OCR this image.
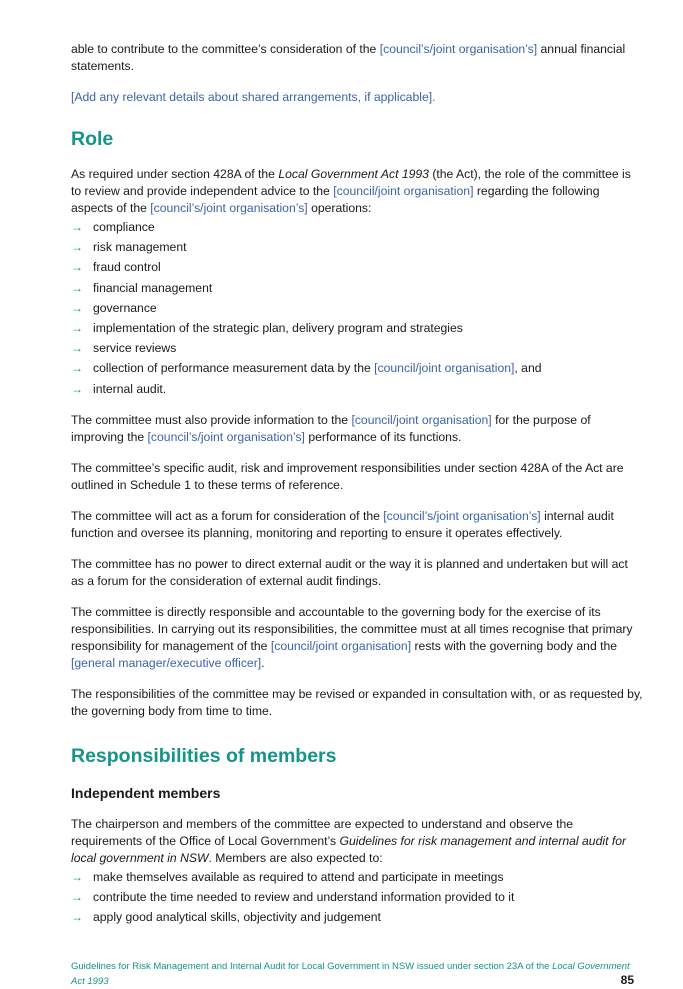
able to contribute to the committee’s consideration of the [council’s/joint organisation’s] annual financial statements.

[Add any relevant details about shared arrangements, if applicable].

Role

As required under section 428A of the Local Government Act 1993 (the Act), the role of the committee is to review and provide independent advice to the [council/joint organisation] regarding the following aspects of the [council’s/joint organisation’s] operations:

→ compliance
→ risk management
→ fraud control
→ financial management
→ governance
→ implementation of the strategic plan, delivery program and strategies
→ service reviews
→ collection of performance measurement data by the [council/joint organisation], and
→ internal audit.

The committee must also provide information to the [council/joint organisation] for the purpose of improving the [council’s/joint organisation’s] performance of its functions.

The committee’s specific audit, risk and improvement responsibilities under section 428A of the Act are outlined in Schedule 1 to these terms of reference.

The committee will act as a forum for consideration of the [council’s/joint organisation’s] internal audit function and oversee its planning, monitoring and reporting to ensure it operates effectively.

The committee has no power to direct external audit or the way it is planned and undertaken but will act as a forum for the consideration of external audit findings.

The committee is directly responsible and accountable to the governing body for the exercise of its responsibilities. In carrying out its responsibilities, the committee must at all times recognise that primary responsibility for management of the [council/joint organisation] rests with the governing body and the [general manager/executive officer].

The responsibilities of the committee may be revised or expanded in consultation with, or as requested by, the governing body from time to time.

Responsibilities of members
Independent members

The chairperson and members of the committee are expected to understand and observe the requirements of the Office of Local Government’s Guidelines for risk management and internal audit for local government in NSW. Members are also expected to:

→ make themselves available as required to attend and participate in meetings
→ contribute the time needed to review and understand information provided to it
→ apply good analytical skills, objectivity and judgement
Guidelines for Risk Management and Internal Audit for Local Government in NSW issued under section 23A of the Local Government Act 1993	85
